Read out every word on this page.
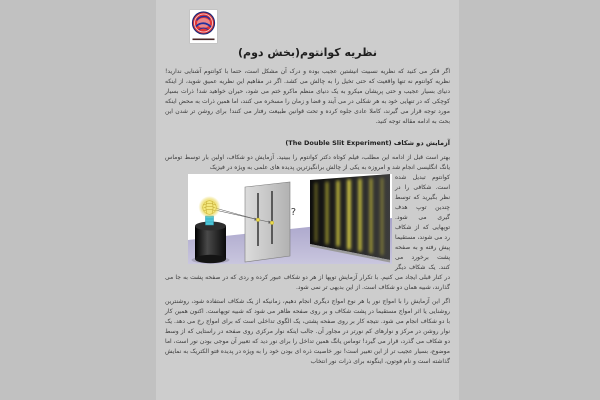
نظریه کوانتوم(بخش دوم)

اگر فکر می کنید که نظریه نسبیت انیشتین عجیب بوده و درک آن مشکل است، حتما با کوانتوم آشنایی ندارید! نظریه کوانتوم نه تنها واقعیت که حتی تخیل را به چالش می کشد. اگر در مفاهیم این نظریه عمیق شوید، از اینکه دنیای بسیار عجیب و حتی پریشان میکرو به یک دنیای منظم ماکرو ختم می شود، حیران خواهید شد! ذرات بسیار کوچکی که در تنهایی خود به هر شکلی در می آیند و فضا و زمان را مسخره می کنند، اما همین ذرات به محض اینکه مورد توجه قرار می گیرند، کاملا عادی جلوه کرده و تحت قوانین طبیعت رفتار می کنند! برای روشن تر شدن این بحث به ادامه مقاله توجه کنید.

آزمایش دو شکاف (The Double Slit Experiment)

بهتر است قبل از ادامه این مطلب، فیلم کوتاه دکتر کوانتوم را ببینید. آزمایش دو شکاف، اولین بار توسط توماس یانگ انگلیسی انجام شد و امروزه به یکی از چالش برانگیزترین پدیده های علمی به ویژه در فیزیک

?

کوانتوم تبدیل شده است. شکافی را در نظر بگیرید که توسط چندین توپ هدف گیری می شود. توپهایی که از شکاف رد می شوند، مستقیما پیش رفته و به صفحه پشت برخورد می کنند. یک شکاف دیگر در کنار قبلی ایجاد می کنیم. با تکرار آزمایش توپها از هر دو شکاف عبور کرده و ردی که در صفحه پشت به جا می گذارند، شبیه همان دو شکاف است. از این بدیهی تر نمی شود.

اگر این آزمایش را با امواج نور یا هر نوع امواج دیگری انجام دهیم، زمانیکه از یک شکاف استفاده شود، روشنترین روشنایی یا اثر امواج مستقیما در پشت شکاف و بر روی صفحه ظاهر می شود که شبیه توپهاست. اکنون همین کار با دو شکاف انجام می شود. نتیجه کار بر روی صفحه پشتی، یک الگوی تداخلی است که برای امواج رخ می دهد. یک نوار روشن در مرکز و نوارهای کم نورتر در مجاور آن. جالب اینکه نوار مرکزی روی صفحه در راستایی که از وسط دو شکاف می گذرد، قرار می گیرد! توماس یانگ همین تداخل را برای نور دید که تعبیر آن موجی بودن نور است، اما موضوع، بسیار عجیب تر از این تعبیر است! نور خاصیت ذره ای بودن خود را به ویژه در پدیده فتو الکتریک به نمایش گذاشته است و نام فوتون، اینگونه برای ذرات نور انتخاب
